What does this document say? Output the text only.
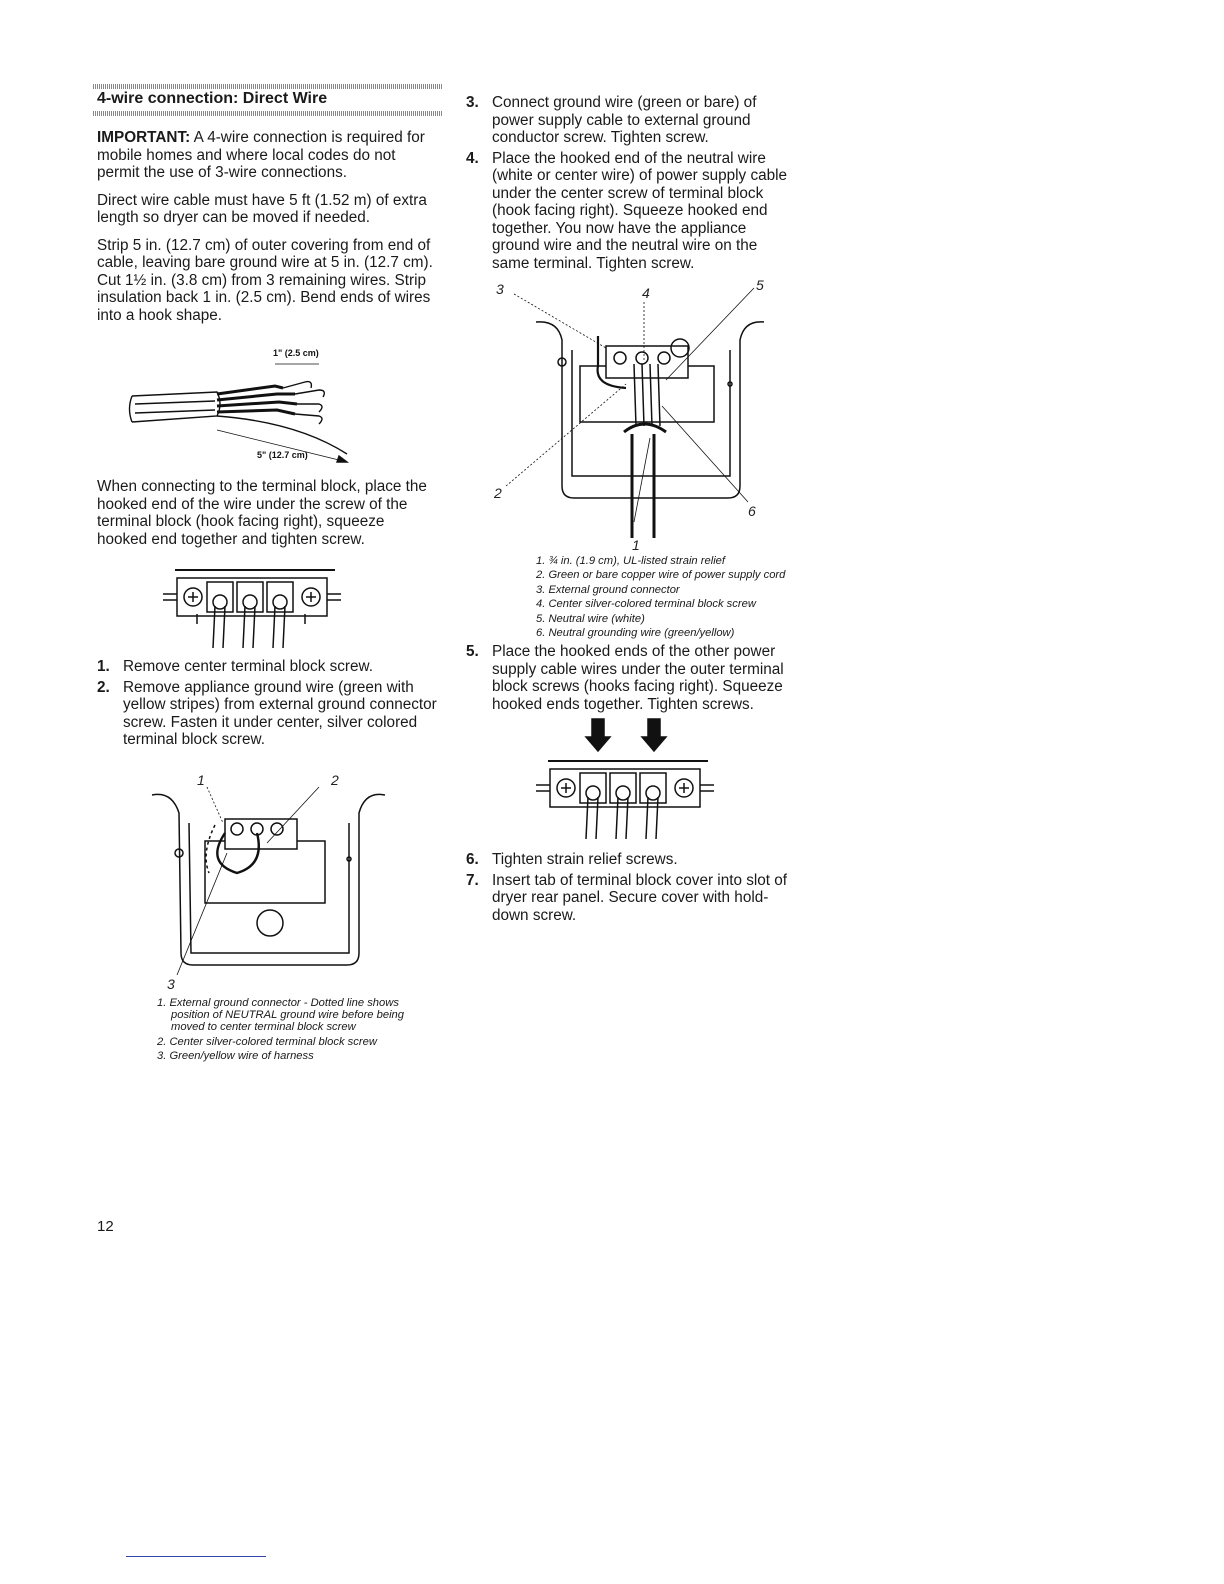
4-wire connection: Direct Wire

IMPORTANT: A 4-wire connection is required for mobile homes and where local codes do not permit the use of 3-wire connections.

Direct wire cable must have 5 ft (1.52 m) of extra length so dryer can be moved if needed.

Strip 5 in. (12.7 cm) of outer covering from end of cable, leaving bare ground wire at 5 in. (12.7 cm). Cut 1½ in. (3.8 cm) from 3 remaining wires. Strip insulation back 1 in. (2.5 cm). Bend ends of wires into a hook shape.

1" (2.5 cm)
5" (12.7 cm)

When connecting to the terminal block, place the hooked end of the wire under the screw of the terminal block (hook facing right), squeeze hooked end together and tighten screw.

1. Remove center terminal block screw.
2. Remove appliance ground wire (green with yellow stripes) from external ground connector screw. Fasten it under center, silver colored terminal block screw.
1	2
3
1. External ground connector - Dotted line shows position of NEUTRAL ground wire before being moved to center terminal block screw
2. Center silver-colored terminal block screw
3. Green/yellow wire of harness
12
3. Connect ground wire (green or bare) of power supply cable to external ground conductor screw. Tighten screw.
4. Place the hooked end of the neutral wire (white or center wire) of power supply cable under the center screw of terminal block (hook facing right). Squeeze hooked end together. You now have the appliance ground wire and the neutral wire on the same terminal. Tighten screw.
3	4	5
2
6
1
1. ¾ in. (1.9 cm), UL-listed strain relief
2. Green or bare copper wire of power supply cord
3. External ground connector
4. Center silver-colored terminal block screw
5. Neutral wire (white)
6. Neutral grounding wire (green/yellow)
5. Place the hooked ends of the other power supply cable wires under the outer terminal block screws (hooks facing right). Squeeze hooked ends together. Tighten screws.
6. Tighten strain relief screws.
7. Insert tab of terminal block cover into slot of dryer rear panel. Secure cover with hold-down screw.
